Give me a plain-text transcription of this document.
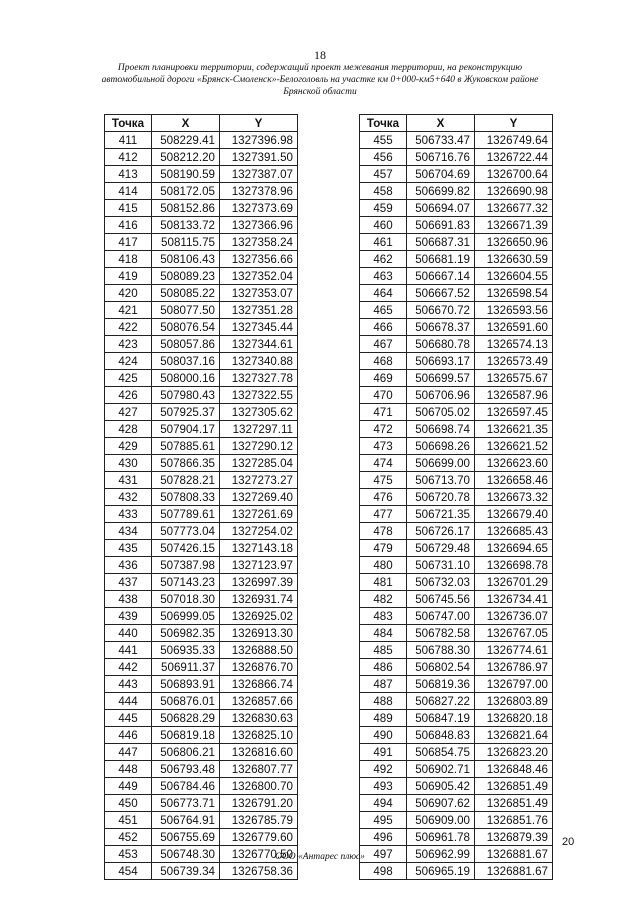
18
Проект планировки территории, содержащий проект межевания территории, на реконструкцию
автомобильной дороги «Брянск-Смоленск»-Белоголовль на участке км 0+000-км5+640 в Жуковском районе
Брянской области
Точка	X	Y
411	508229.41	1327396.98
412	508212.20	1327391.50
413	508190.59	1327387.07
414	508172.05	1327378.96
415	508152.86	1327373.69
416	508133.72	1327366.96
417	508115.75	1327358.24
418	508106.43	1327356.66
419	508089.23	1327352.04
420	508085.22	1327353.07
421	508077.50	1327351.28
422	508076.54	1327345.44
423	508057.86	1327344.61
424	508037.16	1327340.88
425	508000.16	1327327.78
426	507980.43	1327322.55
427	507925.37	1327305.62
428	507904.17	1327297.11
429	507885.61	1327290.12
430	507866.35	1327285.04
431	507828.21	1327273.27
432	507808.33	1327269.40
433	507789.61	1327261.69
434	507773.04	1327254.02
435	507426.15	1327143.18
436	507387.98	1327123.97
437	507143.23	1326997.39
438	507018.30	1326931.74
439	506999.05	1326925.02
440	506982.35	1326913.30
441	506935.33	1326888.50
442	506911.37	1326876.70
443	506893.91	1326866.74
444	506876.01	1326857.66
445	506828.29	1326830.63
446	506819.18	1326825.10
447	506806.21	1326816.60
448	506793.48	1326807.77
449	506784.46	1326800.70
450	506773.71	1326791.20
451	506764.91	1326785.79
452	506755.69	1326779.60
453	506748.30	1326770.50
454	506739.34	1326758.36
Точка	X	Y
455	506733.47	1326749.64
456	506716.76	1326722.44
457	506704.69	1326700.64
458	506699.82	1326690.98
459	506694.07	1326677.32
460	506691.83	1326671.39
461	506687.31	1326650.96
462	506681.19	1326630.59
463	506667.14	1326604.55
464	506667.52	1326598.54
465	506670.72	1326593.56
466	506678.37	1326591.60
467	506680.78	1326574.13
468	506693.17	1326573.49
469	506699.57	1326575.67
470	506706.96	1326587.96
471	506705.02	1326597.45
472	506698.74	1326621.35
473	506698.26	1326621.52
474	506699.00	1326623.60
475	506713.70	1326658.46
476	506720.78	1326673.32
477	506721.35	1326679.40
478	506726.17	1326685.43
479	506729.48	1326694.65
480	506731.10	1326698.78
481	506732.03	1326701.29
482	506745.56	1326734.41
483	506747.00	1326736.07
484	506782.58	1326767.05
485	506788.30	1326774.61
486	506802.54	1326786.97
487	506819.36	1326797.00
488	506827.22	1326803.89
489	506847.19	1326820.18
490	506848.83	1326821.64
491	506854.75	1326823.20
492	506902.71	1326848.46
493	506905.42	1326851.49
494	506907.62	1326851.49
495	506909.00	1326851.76
496	506961.78	1326879.39
497	506962.99	1326881.67
498	506965.19	1326881.67
20
ООО «Антарес плюс»
